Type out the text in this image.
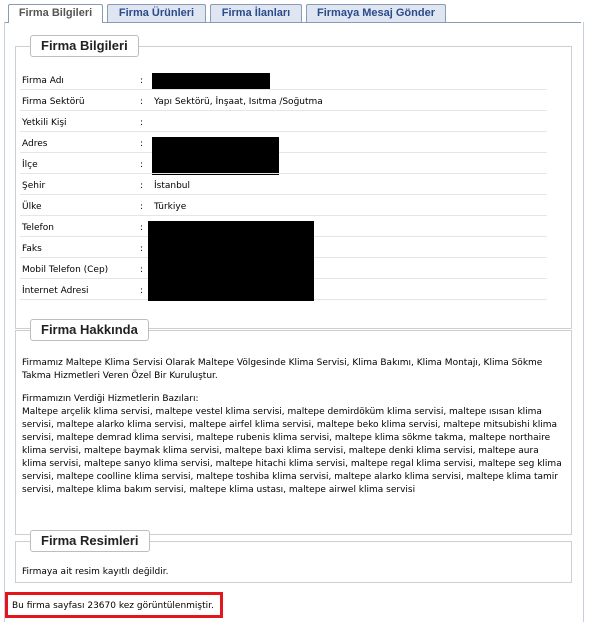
Firma Bilgileri	Firma Ürünleri	Firma İlanları	Firmaya Mesaj Gönder
Firma Bilgileri
Firma Adı	:
Firma Sektörü	: Yapı Sektörü, İnşaat, Isıtma /Soğutma
Yetkili Kişi	:
Adres	:
İlçe	: Maltepe
Şehir	: İstanbul
Ülke	: Türkiye
Telefon	:
Faks	:
Mobil Telefon (Cep)	:
İnternet Adresi	:
Firma Hakkında
Firmamız Maltepe Klima Servisi Olarak Maltepe Völgesinde Klima Servisi, Klima Bakımı, Klima Montajı, Klima Sökme Takma Hizmetleri Veren Özel Bir Kuruluştur.
Firmamızın Verdiği Hizmetlerin Bazıları:
Maltepe arçelik klima servisi, maltepe vestel klima servisi, maltepe demirdöküm klima servisi, maltepe ısısan klima servisi, maltepe alarko klima servisi, maltepe airfel klima servisi, maltepe beko klima servisi, maltepe mitsubishi klima servisi, maltepe demrad klima servisi, maltepe rubenis klima servisi, maltepe klima sökme takma, maltepe northaire klima servisi, maltepe baymak klima servisi, maltepe baxi klima servisi, maltepe denki klima servisi, maltepe aura klima servisi, maltepe sanyo klima servisi, maltepe hitachi klima servisi, maltepe regal klima servisi, maltepe seg klima servisi, maltepe coolline klima servisi, maltepe toshiba klima servisi, maltepe alarko klima servisi, maltepe klima tamir servisi, maltepe klima bakım servisi, maltepe klima ustası, maltepe airwel klima servisi
Firma Resimleri
Firmaya ait resim kayıtlı değildir.
Bu firma sayfası 23670 kez görüntülenmiştir.
